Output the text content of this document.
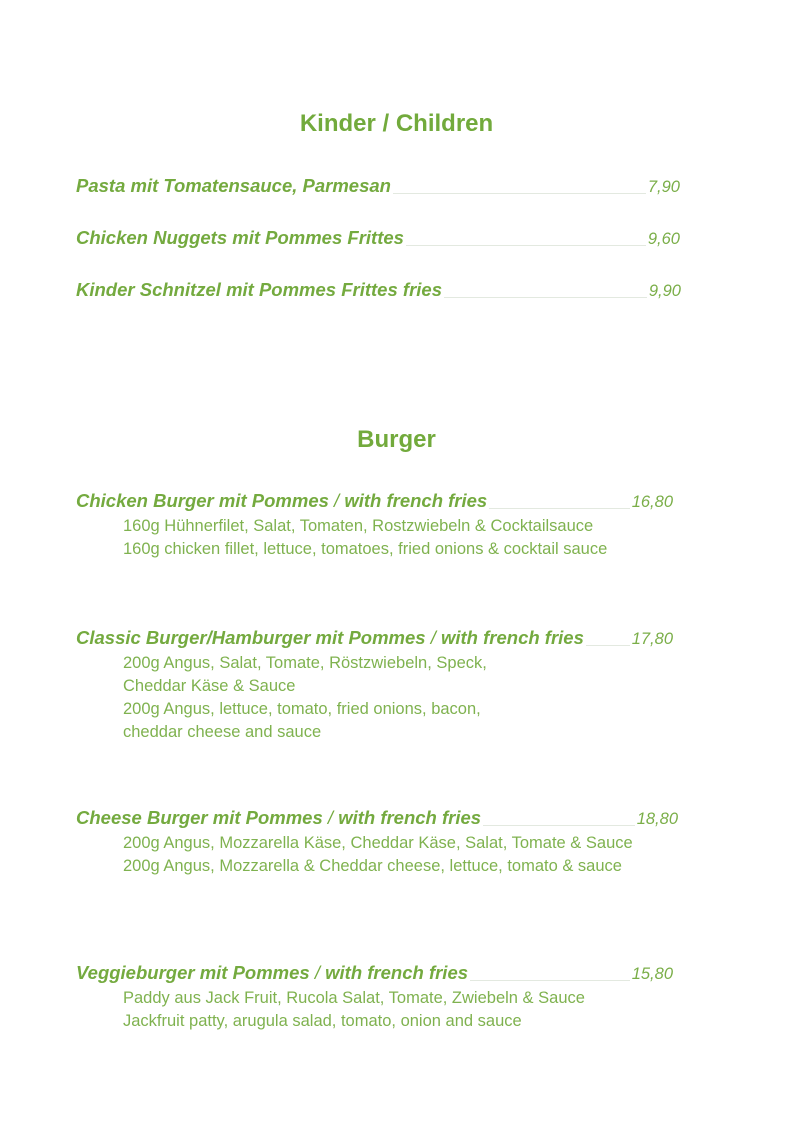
Kinder / Children
Pasta mit Tomatensauce, Parmesan	7,90
Chicken Nuggets mit Pommes Frittes	9,60
Kinder Schnitzel mit Pommes Frittes fries	9,90
Burger
Chicken Burger mit Pommes / with french fries	16,80
160g Hühnerfilet, Salat, Tomaten, Rostzwiebeln & Cocktailsauce
160g chicken fillet, lettuce, tomatoes, fried onions & cocktail sauce
Classic Burger/Hamburger mit Pommes / with french fries	17,80
200g Angus, Salat, Tomate, Röstzwiebeln, Speck,
Cheddar Käse & Sauce
200g Angus, lettuce, tomato, fried onions, bacon,
cheddar cheese and sauce
Cheese Burger mit Pommes / with french fries	18,80
200g Angus, Mozzarella Käse, Cheddar Käse, Salat, Tomate & Sauce
200g Angus, Mozzarella & Cheddar cheese, lettuce, tomato & sauce
Veggieburger mit Pommes / with french fries	15,80
Paddy aus Jack Fruit, Rucola Salat, Tomate, Zwiebeln & Sauce
Jackfruit patty, arugula salad, tomato, onion and sauce
